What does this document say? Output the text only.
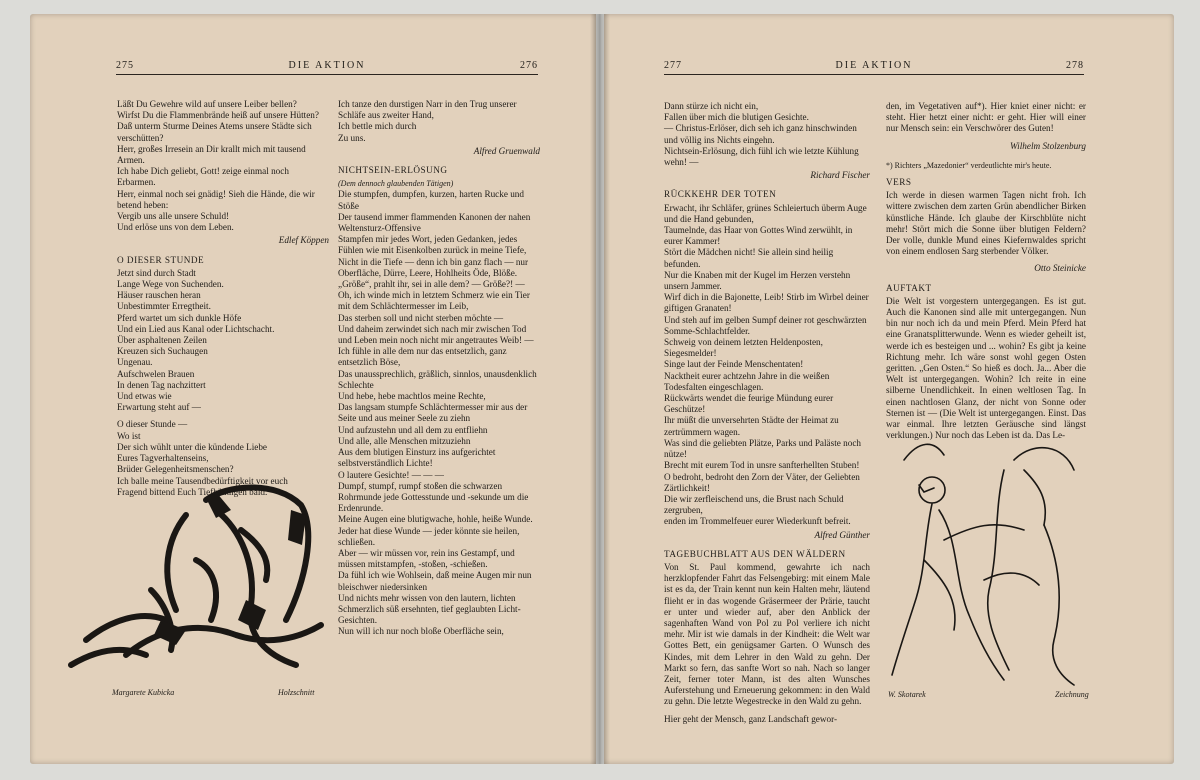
275	DIE AKTION	276	277	DIE AKTION	278
Läßt Du Gewehre wild auf unsere Leiber bellen?
Wirfst Du die Flammenbrände heiß auf unsere Hütten?
Daß unterm Sturme Deines Atems unsere Städte sich verschütten?
Herr, großes Irresein an Dir krallt mich mit tausend Armen.
Ich habe Dich geliebt, Gott! zeige einmal noch Erbarmen.
Herr, einmal noch sei gnädig! Sieh die Hände, die wir betend heben:
Vergib uns alle unsere Schuld!
Und erlöse uns von dem Leben.
Edlef Köppen
O DIESER STUNDE
Jetzt sind durch Stadt
Lange Wege von Suchenden.
Häuser rauschen heran
Unbestimmter Erregtheit.
Pferd wartet um sich dunkle Höfe
Und ein Lied aus Kanal oder Lichtschacht.
Über asphaltenen Zeilen
Kreuzen sich Suchaugen
Ungenau.
Aufschwelen Brauen
In denen Tag nachzittert
Und etwas wie
Erwartung steht auf —
O dieser Stunde —
Wo ist
Der sich wühlt unter die kündende Liebe
Eures Tagverhaltenseins,
Brüder Gelegenheitsmenschen?
Ich balle meine Tausendbedürftigkeit vor euch
Fragend bittend Euch Tiefhändigen bald.
Margarete Kubicka	Holzschnitt
Ich tanze den durstigen Narr in den Trug unserer
Schläfe aus zweiter Hand,
Ich bettle mich durch
Zu uns.
Alfred Gruenwald
NICHTSEIN-ERLÖSUNG
(Dem dennoch glaubenden Tätigen)
Die stumpfen, dumpfen, kurzen, harten Rucke und Stöße
Der tausend immer flammenden Kanonen der nahen Weltensturz-Offensive
Stampfen mir jedes Wort, jeden Gedanken, jedes Fühlen wie mit Eisenkolben zurück in meine Tiefe,
Nicht in die Tiefe — denn ich bin ganz flach — nur Oberfläche, Dürre, Leere, Hohlheits Öde, Blöße.
„Größe“, prahlt ihr, sei in alle dem? — Größe?! —
Oh, ich winde mich in letztem Schmerz wie ein Tier mit dem Schlächtermesser im Leib,
Das sterben soll und nicht sterben möchte —
Und daheim zerwindet sich nach mir zwischen Tod und Leben mein noch nicht mir angetrautes Weib! —
Ich fühle in alle dem nur das entsetzlich, ganz entsetzlich Böse,
Das unaussprechlich, gräßlich, sinnlos, unausdenklich Schlechte
Und hebe, hebe machtlos meine Rechte,
Das langsam stumpfe Schlächtermesser mir aus der Seite und aus meiner Seele zu ziehn
Und aufzustehn und all dem zu entfliehn
Und alle, alle Menschen mitzuziehn
Aus dem blutigen Einsturz ins aufgerichtet selbstverständlich Lichte!
O lautere Gesichte! — — —
Dumpf, stumpf, rumpf stoßen die schwarzen Rohrmunde jede Gottesstunde und -sekunde um die Erdenrunde.
Meine Augen eine blutigwache, hohle, heiße Wunde.
Jeder hat diese Wunde — jeder könnte sie heilen, schließen.
Aber — wir müssen vor, rein ins Gestampf, und müssen mitstampfen, -stoßen, -schießen.
Da fühl ich wie Wohlsein, daß meine Augen mir nun bleischwer niedersinken
Und nichts mehr wissen von den lautern, lichten
Schmerzlich süß ersehnten, tief geglaubten Licht-Gesichten.
Nun will ich nur noch bloße Oberfläche sein,
Dann stürze ich nicht ein,
Fallen über mich die blutigen Gesichte.
— Christus-Erlöser, dich seh ich ganz hinschwinden und völlig ins Nichts eingehn.
Nichtsein-Erlösung, dich fühl ich wie letzte Kühlung wehn! —
Richard Fischer
RÜCKKEHR DER TOTEN
Erwacht, ihr Schläfer, grünes Schleiertuch überm Auge und die Hand gebunden,
Taumelnde, das Haar von Gottes Wind zerwühlt, in eurer Kammer!
Stört die Mädchen nicht! Sie allein sind heilig befunden.
Nur die Knaben mit der Kugel im Herzen verstehn unsern Jammer.
Wirf dich in die Bajonette, Leib! Stirb im Wirbel deiner giftigen Granaten!
Und steh auf im gelben Sumpf deiner rot geschwärzten Somme-Schlachtfelder.
Schweig von deinem letzten Heldenposten, Siegesmelder!
Singe laut der Feinde Menschentaten!
Nacktheit eurer achtzehn Jahre in die weißen Todesfalten eingeschlagen.
Rückwärts wendet die feurige Mündung eurer Geschütze!
Ihr müßt die unversehrten Städte der Heimat zu zertrümmern wagen.
Was sind die geliebten Plätze, Parks und Paläste noch nütze!
Brecht mit eurem Tod in unsre sanfterhellten Stuben!
O bedroht, bedroht den Zorn der Väter, der Geliebten Zärtlichkeit!
Die wir zerfleischend uns, die Brust nach Schuld zergruben,
enden im Trommelfeuer eurer Wiederkunft befreit.
Alfred Günther
TAGEBUCHBLATT AUS DEN WÄLDERN

Von St. Paul kommend, gewahrte ich nach herzklopfender Fahrt das Felsengebirg: mit einem Male ist es da, der Train kennt nun kein Halten mehr, läutend flieht er in das wogende Gräsermeer der Prärie, taucht er unter und wieder auf, aber den Anblick der sagenhaften Wand von Pol zu Pol verliere ich nicht mehr. Mir ist wie damals in der Kindheit: die Welt war Gottes Bett, ein genügsamer Garten. O Wunsch des Kindes, mit dem Lehrer in den Wald zu gehn. Der Markt so fern, das sanfte Wort so nah. Nach so langer Zeit, ferner toter Mann, ist des alten Wunsches Auferstehung und Erneuerung gekommen: in den Wald zu gehn. Die letzte Wegestrecke in den Wald zu gehn.

Hier geht der Mensch, ganz Landschaft gewor-

den, im Vegetativen auf*). Hier kniet einer nicht: er steht. Hier hetzt einer nicht: er geht. Hier will einer nur Mensch sein: ein Verschwörer des Guten!

Wilhelm Stolzenburg
*) Richters „Mazedonier“ verdeutlichte mir's heute.
VERS

Ich werde in diesen warmen Tagen nicht froh. Ich wittere zwischen dem zarten Grün abendlicher Birken künstliche Hände. Ich glaube der Kirschblüte nicht mehr! Stört mich die Sonne über blutigen Feldern? Der volle, dunkle Mund eines Kiefernwaldes spricht von einem endlosen Sarg sterbender Völker.

Otto Steinicke
AUFTAKT

Die Welt ist vorgestern untergegangen. Es ist gut. Auch die Kanonen sind alle mit untergegangen. Nun bin nur noch ich da und mein Pferd. Mein Pferd hat eine Granatsplitterwunde. Wenn es wieder geheilt ist, werde ich es besteigen und ... wohin? Es gibt ja keine Richtung mehr. Ich wäre sonst wohl gegen Osten geritten. „Gen Osten.“ So hieß es doch. Ja... Aber die Welt ist untergegangen. Wohin? Ich reite in eine silberne Unendlichkeit. In einen weltlosen Tag. In einen nachtlosen Glanz, der nicht von Sonne oder Sternen ist — (Die Welt ist untergegangen. Einst. Das war einmal. Ihre letzten Geräusche sind längst verklungen.) Nur noch das Leben ist da. Das Le-

W. Skotarek	Zeichnung
